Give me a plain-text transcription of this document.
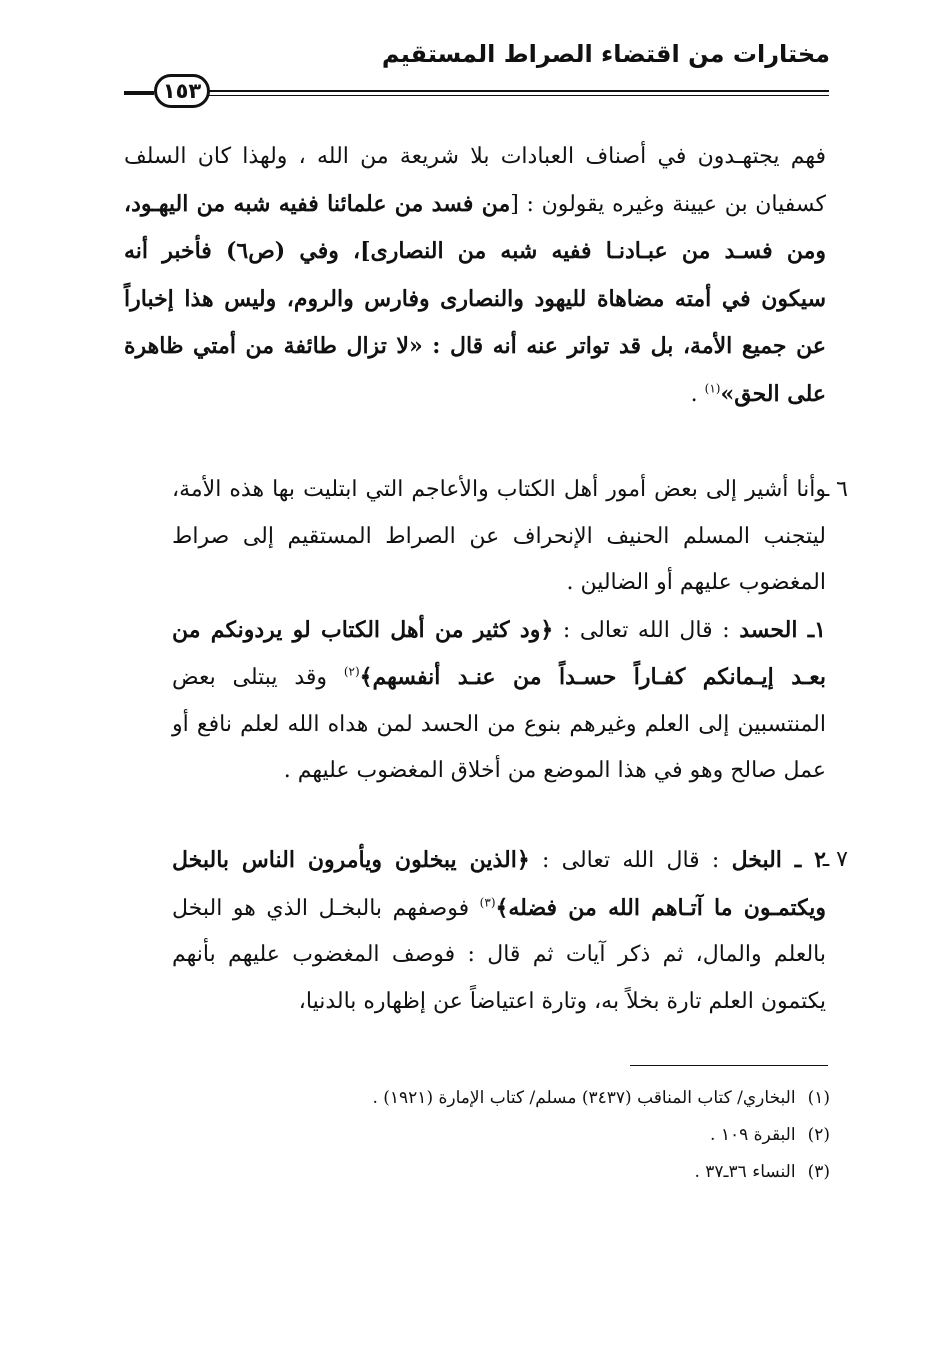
مختارات من اقتضاء الصراط المستقيم
١٥٣

فهم يجتهـدون في أصناف العبادات بلا شريعة من الله ، ولهذا كان السلف كسفيان بن عيينة وغيره يقولون : [من فسد من علمائنا ففيه شبه من اليهـود، ومن فسـد من عبـادنـا ففيه شبه من النصارى]، وفي (ص٦) فأخبر أنه سيكون في أمته مضاهاة لليهود والنصارى وفارس والروم، وليس هذا إخباراً عن جميع الأمة، بل قد تواتر عنه أنه قال : «لا تزال طائفة من أمتي ظاهرة على الحق»$^{(١)}$ .

٦ ـ

وأنا أشير إلى بعض أمور أهل الكتاب والأعاجم التي ابتليت بها هذه الأمة، ليتجنب المسلم الحنيف الإنحراف عن الصراط المستقيم إلى صراط المغضوب عليهم أو الضالين .

١ـ الحسد : قال الله تعالى : ﴿ود كثير من أهل الكتاب لو يردونكم من بعـد إيـمانكم كفـاراً حسـداً من عنـد أنفسهم﴾$^{(٢)}$ وقد يبتلى بعض المنتسبين إلى العلم وغيرهم بنوع من الحسد لمن هداه الله لعلم نافع أو عمل صالح وهو في هذا الموضع من أخلاق المغضوب عليهم .

٧ ـ

٢ ـ البخل : قال الله تعالى : ﴿الذين يبخلون ويأمرون الناس بالبخل ويكتمـون ما آتـاهم الله من فضله﴾$^{(٣)}$ فوصفهم بالبخـل الذي هو البخل بالعلم والمال، ثم ذكر آيات ثم قال : فوصف المغضوب عليهم بأنهم يكتمون العلم تارة بخلاً به، وتارة اعتياضاً عن إظهاره بالدنيا،

(١)البخاري/ كتاب المناقب (٣٤٣٧) مسلم/ كتاب الإمارة (١٩٢١) .

(٢)البقرة ١٠٩ .

(٣)النساء ٣٦ـ٣٧ .
